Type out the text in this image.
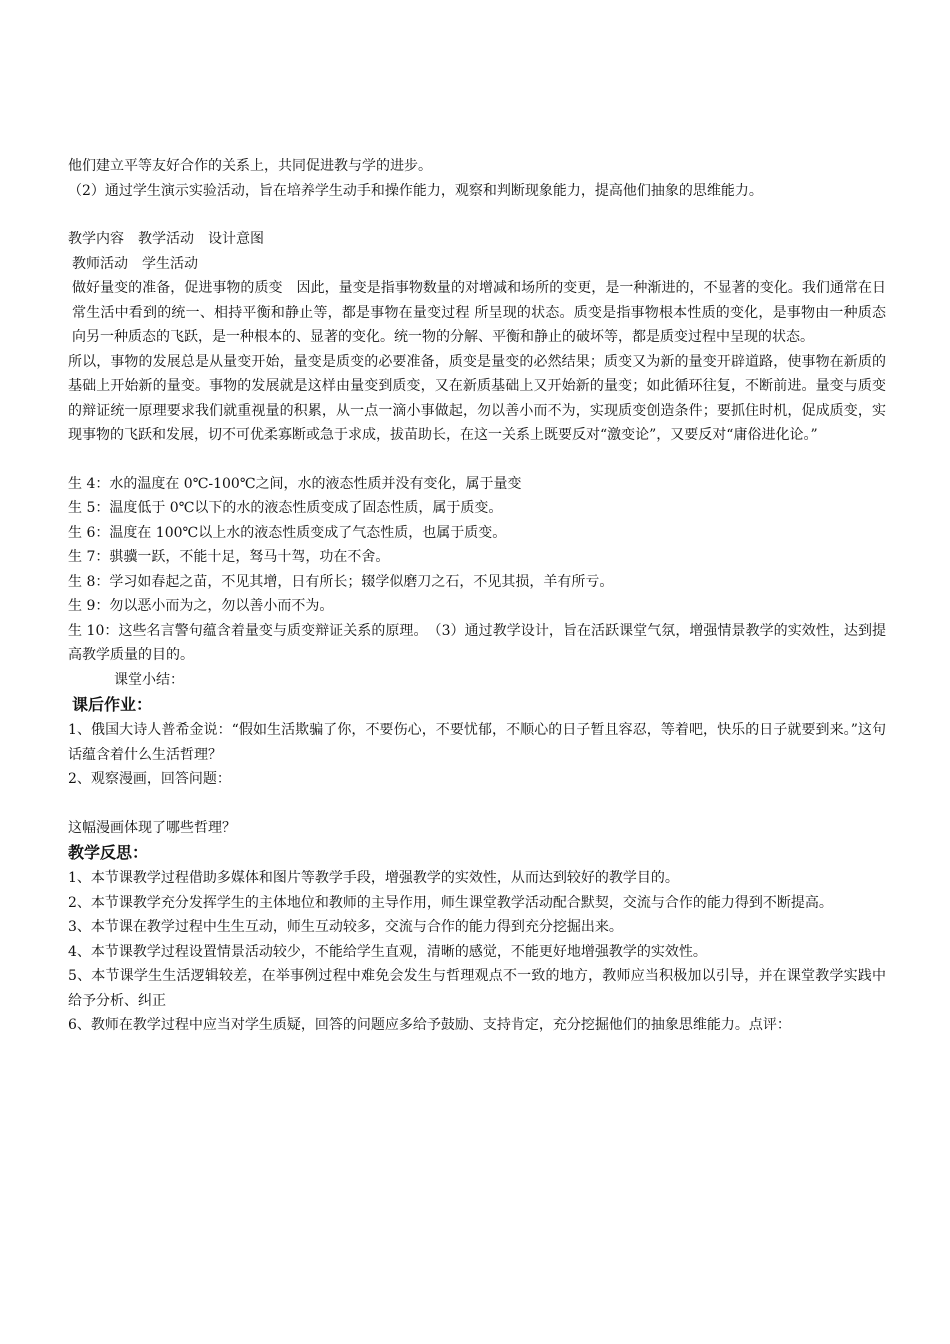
他们建立平等友好合作的关系上，共同促进教与学的进步。

（2）通过学生演示实验活动，旨在培养学生动手和操作能力，观察和判断现象能力，提高他们抽象的思维能力。

教学内容　教学活动　设计意图

教师活动　学生活动

做好量变的准备，促进事物的质变　因此，量变是指事物数量的对增减和场所的变更，是一种渐进的，不显著的变化。我们通常在日常生活中看到的统一、相持平衡和静止等，都是事物在量变过程 所呈现的状态。质变是指事物根本性质的变化，是事物由一种质态向另一种质态的飞跃，是一种根本的、显著的变化。统一物的分解、平衡和静止的破坏等，都是质变过程中呈现的状态。

所以，事物的发展总是从量变开始，量变是质变的必要准备，质变是量变的必然结果；质变又为新的量变开辟道路，使事物在新质的基础上开始新的量变。事物的发展就是这样由量变到质变，又在新质基础上又开始新的量变；如此循环往复，不断前进。量变与质变的辩证统一原理要求我们就重视量的积累，从一点一滴小事做起，勿以善小而不为，实现质变创造条件；要抓住时机，促成质变，实现事物的飞跃和发展，切不可优柔寡断或急于求成，拔苗助长，在这一关系上既要反对“激变论”，又要反对“庸俗进化论。”

生 4：水的温度在 0℃-100℃之间，水的液态性质并没有变化，属于量变

生 5：温度低于 0℃以下的水的液态性质变成了固态性质，属于质变。

生 6：温度在 100℃以上水的液态性质变成了气态性质，也属于质变。

生 7：骐骥一跃，不能十足，驽马十驾，功在不舍。

生 8：学习如春起之苗，不见其增，日有所长；辍学似磨刀之石，不见其损，羊有所亏。

生 9：勿以恶小而为之，勿以善小而不为。

生 10：这些名言警句蕴含着量变与质变辩证关系的原理。　（3）通过教学设计，旨在活跃课堂气氛，增强情景教学的实效性，达到提高教学质量的目的。

课堂小结：

课后作业：

1、俄国大诗人普希金说：“假如生活欺骗了你，不要伤心，不要忧郁，不顺心的日子暂且容忍，等着吧，快乐的日子就要到来。”这句话蕴含着什么生活哲理？

2、观察漫画，回答问题：

这幅漫画体现了哪些哲理？

教学反思：

1、本节课教学过程借助多媒体和图片等教学手段，增强教学的实效性，从而达到较好的教学目的。

2、本节课教学充分发挥学生的主体地位和教师的主导作用，师生课堂教学活动配合默契，交流与合作的能力得到不断提高。

3、本节课在教学过程中生生互动，师生互动较多，交流与合作的能力得到充分挖掘出来。

4、本节课教学过程设置情景活动较少，不能给学生直观，清晰的感觉，不能更好地增强教学的实效性。

5、本节课学生生活逻辑较差，在举事例过程中难免会发生与哲理观点不一致的地方，教师应当积极加以引导，并在课堂教学实践中给予分析、纠正

6、教师在教学过程中应当对学生质疑，回答的问题应多给予鼓励、支持肯定，充分挖掘他们的抽象思维能力。点评：
